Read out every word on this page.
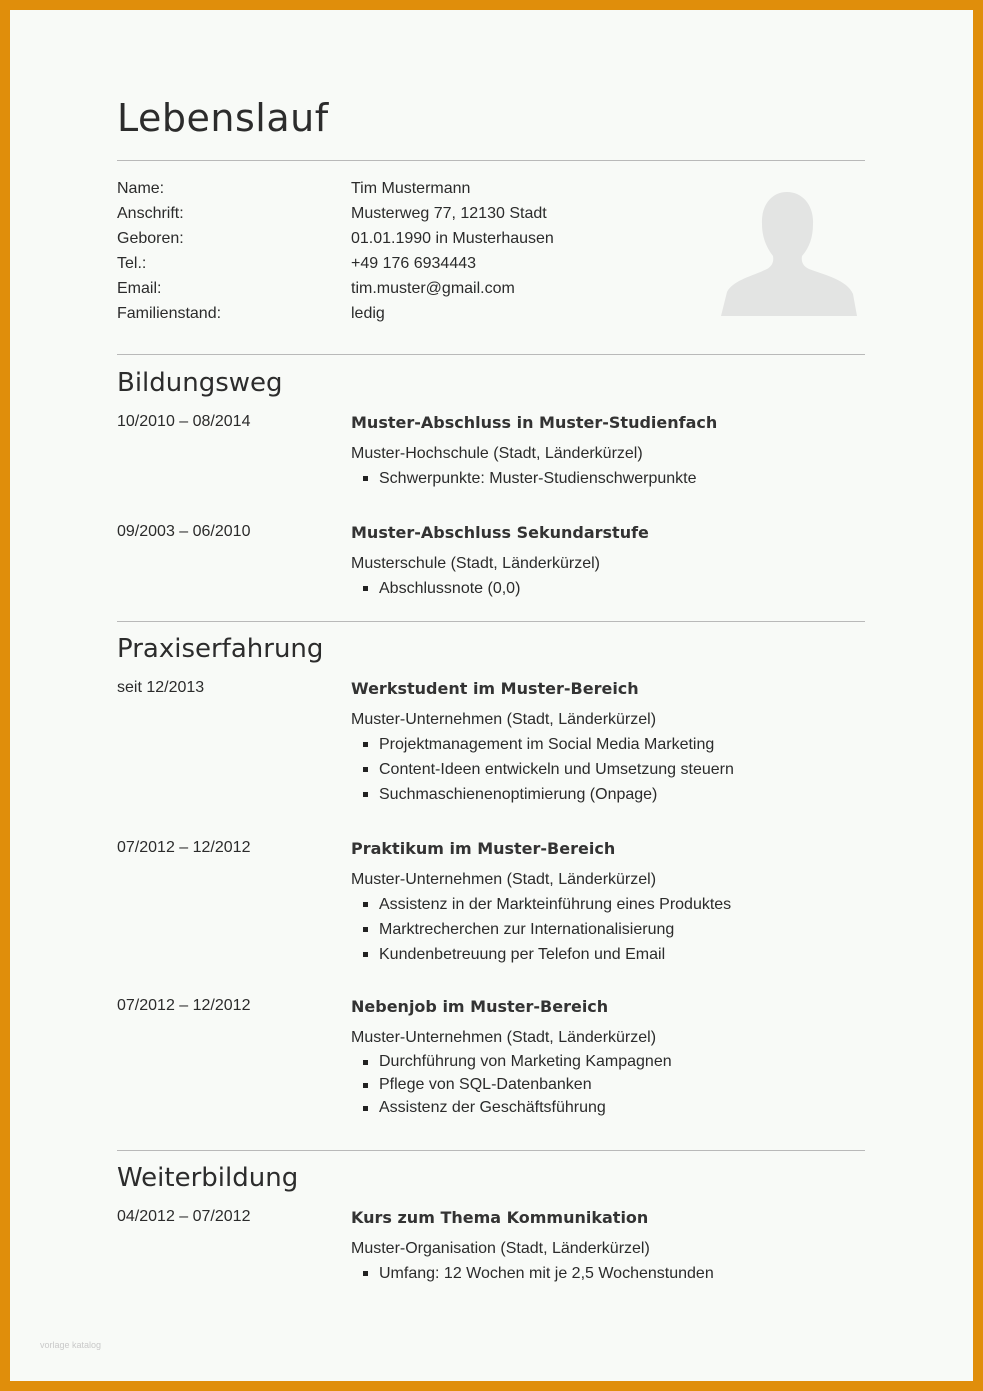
Lebenslauf
Name:	Tim Mustermann
Anschrift:	Musterweg 77, 12130 Stadt
Geboren:	01.01.1990 in Musterhausen
Tel.:	+49 176 6934443
Email:	tim.muster@gmail.com
Familienstand:	ledig
Bildungsweg
10/2010 – 08/2014	Muster-Abschluss in Muster-Studienfach
Muster-Hochschule (Stadt, Länderkürzel)
Schwerpunkte: Muster-Studienschwerpunkte
09/2003 – 06/2010	Muster-Abschluss Sekundarstufe
Musterschule (Stadt, Länderkürzel)
Abschlussnote (0,0)
Praxiserfahrung
seit 12/2013	Werkstudent im Muster-Bereich
Muster-Unternehmen (Stadt, Länderkürzel)
Projektmanagement im Social Media Marketing
Content-Ideen entwickeln und Umsetzung steuern
Suchmaschienenoptimierung (Onpage)
07/2012 – 12/2012	Praktikum im Muster-Bereich
Muster-Unternehmen (Stadt, Länderkürzel)
Assistenz in der Markteinführung eines Produktes
Marktrecherchen zur Internationalisierung
Kundenbetreuung per Telefon und Email
07/2012 – 12/2012	Nebenjob im Muster-Bereich
Muster-Unternehmen (Stadt, Länderkürzel)
Durchführung von Marketing Kampagnen
Pflege von SQL-Datenbanken
Assistenz der Geschäftsführung
Weiterbildung
04/2012 – 07/2012	Kurs zum Thema Kommunikation
Muster-Organisation (Stadt, Länderkürzel)
Umfang: 12 Wochen mit je 2,5 Wochenstunden
vorlage katalog
